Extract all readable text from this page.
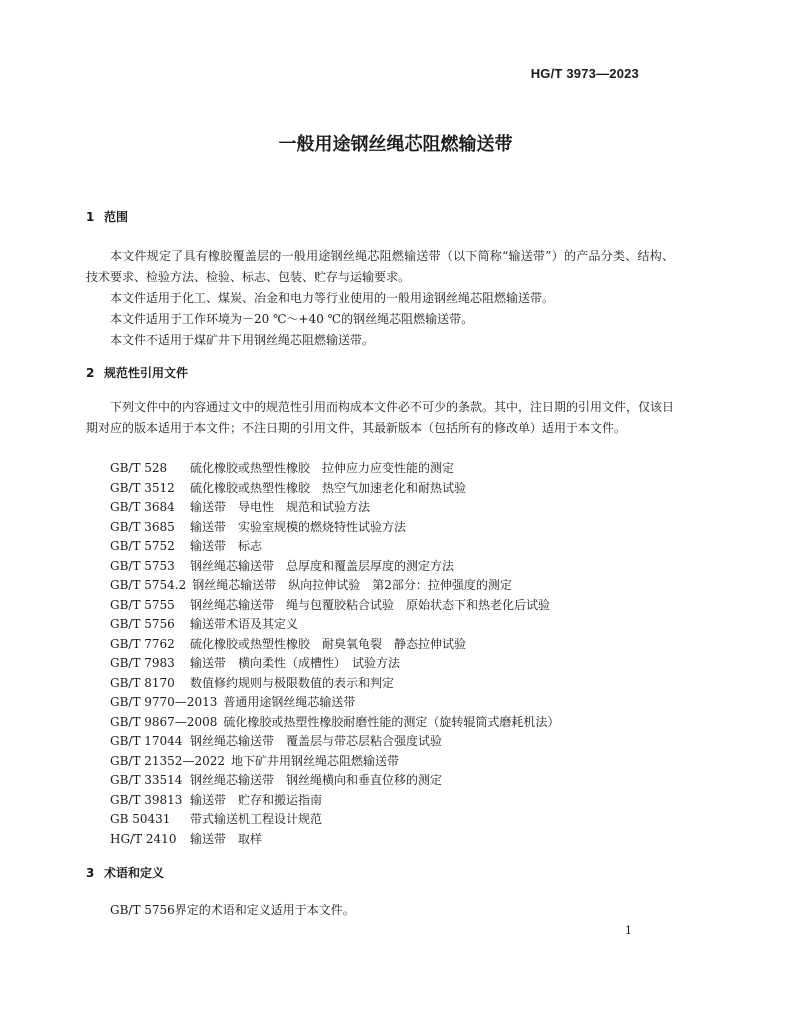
HG/T 3973—2023
一般用途钢丝绳芯阻燃输送带
1 范围

本文件规定了具有橡胶覆盖层的一般用途钢丝绳芯阻燃输送带（以下简称“输送带”）的产品分类、结构、技术要求、检验方法、检验、标志、包装、贮存与运输要求。

本文件适用于化工、煤炭、冶金和电力等行业使用的一般用途钢丝绳芯阻燃输送带。

本文件适用于工作环境为－20 ℃～+40 ℃的钢丝绳芯阻燃输送带。

本文件不适用于煤矿井下用钢丝绳芯阻燃输送带。

2 规范性引用文件

下列文件中的内容通过文中的规范性引用而构成本文件必不可少的条款。其中，注日期的引用文件，仅该日期对应的版本适用于本文件；不注日期的引用文件，其最新版本（包括所有的修改单）适用于本文件。

GB/T 528 硫化橡胶或热塑性橡胶　拉伸应力应变性能的测定
GB/T 3512 硫化橡胶或热塑性橡胶　热空气加速老化和耐热试验
GB/T 3684 输送带　导电性　规范和试验方法
GB/T 3685 输送带　实验室规模的燃烧特性试验方法
GB/T 5752 输送带　标志
GB/T 5753 钢丝绳芯输送带　总厚度和覆盖层厚度的测定方法
GB/T 5754.2 钢丝绳芯输送带　纵向拉伸试验　第2部分：拉伸强度的测定
GB/T 5755 钢丝绳芯输送带　绳与包覆胶粘合试验　原始状态下和热老化后试验
GB/T 5756 输送带术语及其定义
GB/T 7762 硫化橡胶或热塑性橡胶　耐臭氧龟裂　静态拉伸试验
GB/T 7983 输送带　横向柔性（成槽性）　试验方法
GB/T 8170 数值修约规则与极限数值的表示和判定
GB/T 9770—2013 普通用途钢丝绳芯输送带
GB/T 9867—2008 硫化橡胶或热塑性橡胶耐磨性能的测定（旋转辊筒式磨耗机法）
GB/T 17044 钢丝绳芯输送带　覆盖层与带芯层粘合强度试验
GB/T 21352—2022 地下矿井用钢丝绳芯阻燃输送带
GB/T 33514 钢丝绳芯输送带　钢丝绳横向和垂直位移的测定
GB/T 39813 输送带　贮存和搬运指南
GB 50431 带式输送机工程设计规范
HG/T 2410 输送带　取样
3 术语和定义

GB/T 5756界定的术语和定义适用于本文件。

1
